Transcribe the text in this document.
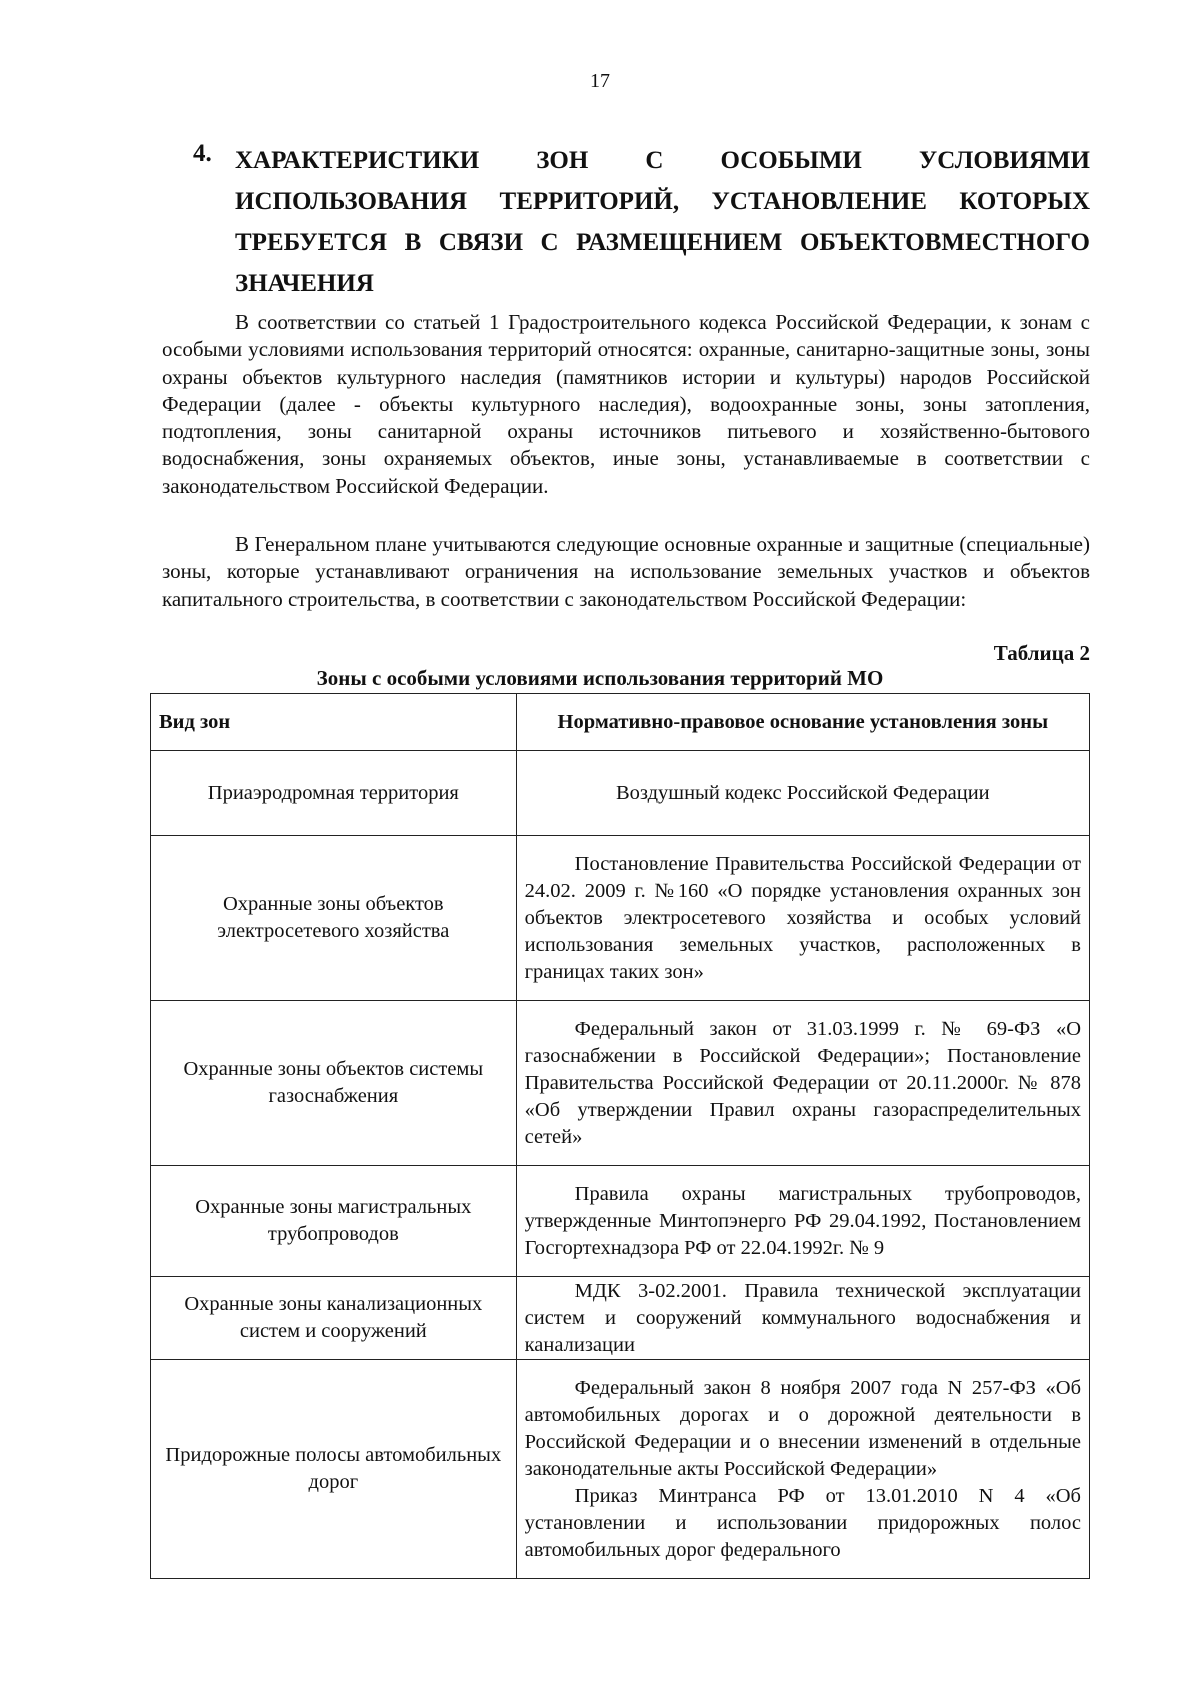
17
4. ХАРАКТЕРИСТИКИ ЗОН С ОСОБЫМИ УСЛОВИЯМИ
ИСПОЛЬЗОВАНИЯ ТЕРРИТОРИЙ, УСТАНОВЛЕНИЕ КОТОРЫХ
ТРЕБУЕТСЯ В СВЯЗИ С РАЗМЕЩЕНИЕМ ОБЪЕКТОВМЕСТНОГО
ЗНАЧЕНИЯ

В соответствии со статьей 1 Градостроительного кодекса Российской Федерации, к зонам с особыми условиями использования территорий относятся: охранные, санитарно-защитные зоны, зоны охраны объектов культурного наследия (памятников истории и культуры) народов Российской Федерации (далее - объекты культурного наследия), водоохранные зоны, зоны затопления, подтопления, зоны санитарной охраны источников питьевого и хозяйственно-бытового водоснабжения, зоны охраняемых объектов, иные зоны, устанавливаемые в соответствии с законодательством Российской Федерации.

В Генеральном плане учитываются следующие основные охранные и защитные (специальные) зоны, которые устанавливают ограничения на использование земельных участков и объектов капитального строительства, в соответствии с законодательством Российской Федерации:

Таблица 2
Зоны с особыми условиями использования территорий МО
Вид зон	Нормативно-правовое основание установления зоны
Приаэродромная территория	Воздушный кодекс Российской Федерации
Охранные зоны объектов электросетевого хозяйства	Постановление Правительства Российской Федерации от 24.02. 2009 г. №160 «О порядке установления охранных зон объектов электросетевого хозяйства и особых условий использования земельных участков, расположенных в границах таких зон»

Охранные зоны объектов системы газоснабжения	Федеральный закон от 31.03.1999 г. № 69-ФЗ «О газоснабжении в Российской Федерации»; Постановление Правительства Российской Федерации от 20.11.2000г. № 878 «Об утверждении Правил охраны газораспределительных сетей»

Охранные зоны магистральных трубопроводов	Правила охраны магистральных трубопроводов, утвержденные Минтопэнерго РФ 29.04.1992, Постановлением Госгортехнадзора РФ от 22.04.1992г. № 9

Охранные зоны канализационных систем и сооружений	МДК 3-02.2001. Правила технической эксплуатации систем и сооружений коммунального водоснабжения и канализации

Придорожные полосы автомобильных дорог	Федеральный закон 8 ноября 2007 года N 257-ФЗ «Об автомобильных дорогах и о дорожной деятельности в Российской Федерации и о внесении изменений в отдельные законодательные акты Российской Федерации»

Приказ Минтранса РФ от 13.01.2010 N 4 «Об установлении и использовании придорожных полос автомобильных дорог федерального
